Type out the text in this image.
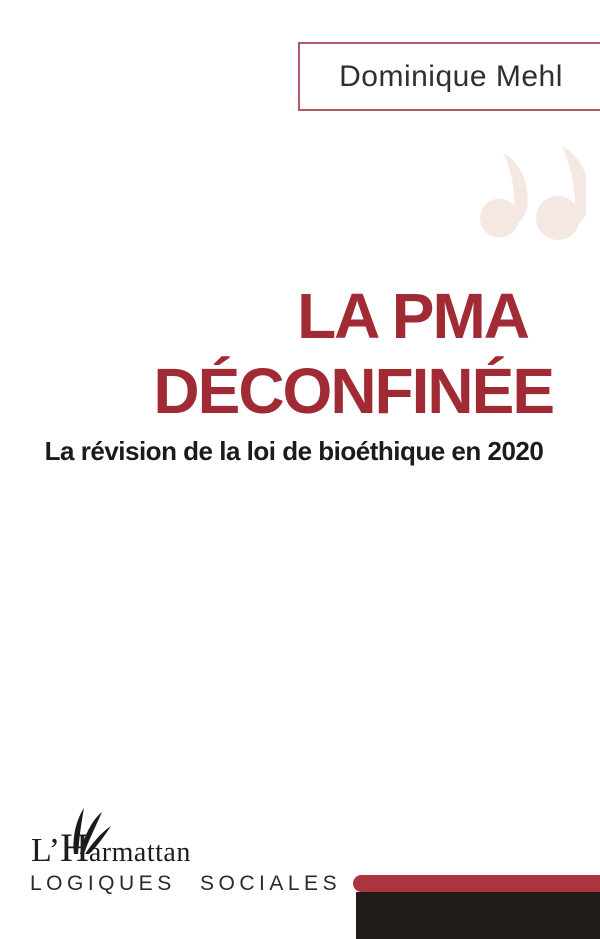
Dominique Mehl
LA PMA
DÉCONFINÉE
La révision de la loi de bioéthique en 2020
L’Harmattan
LOGIQUES SOCIALES
